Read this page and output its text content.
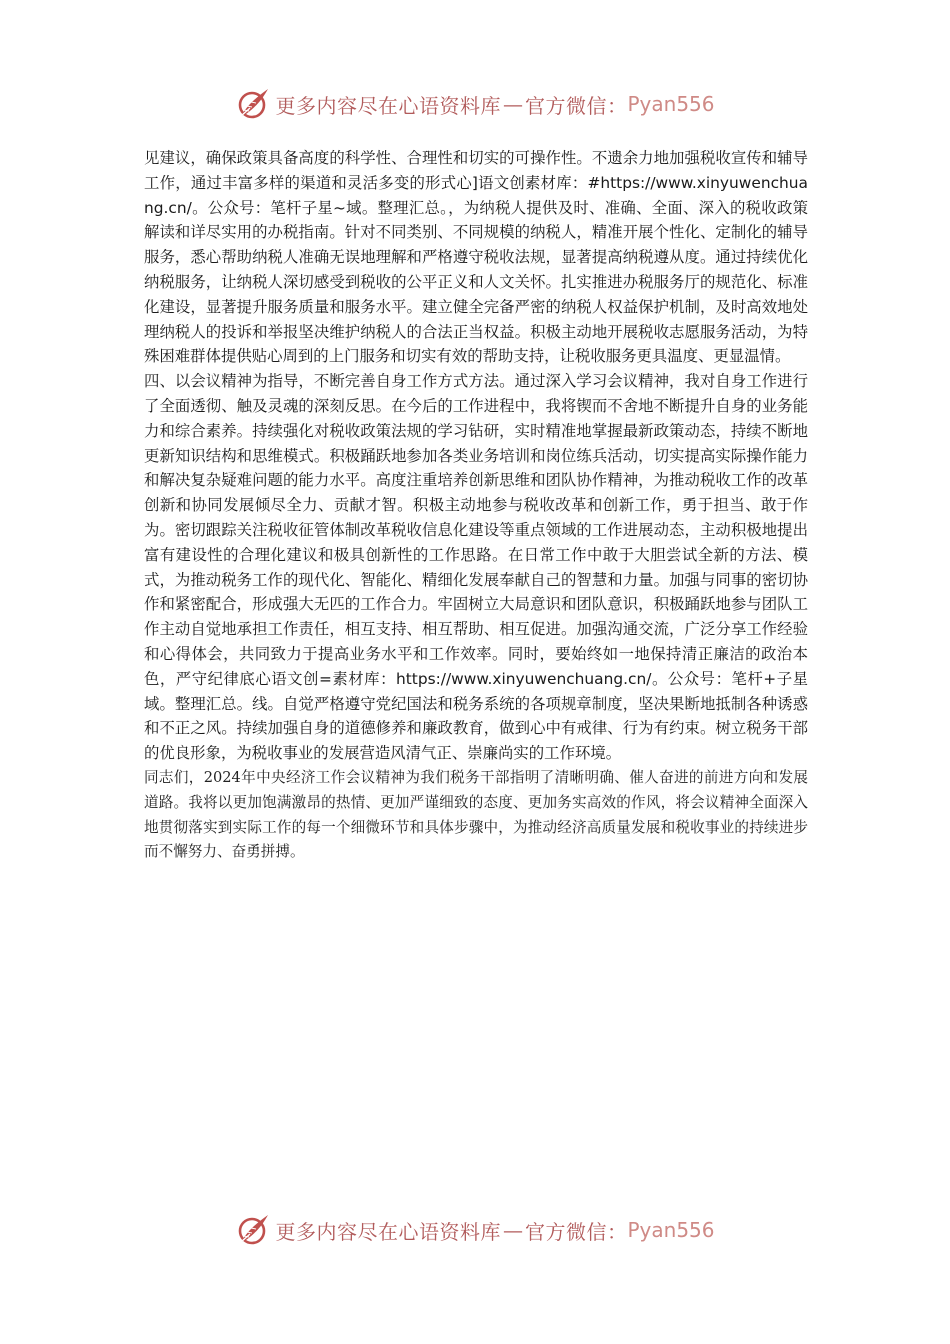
更多内容尽在心语资料库 — 官方微信： Pyan556

见建议，确保政策具备高度的科学性、合理性和切实的可操作性。不遗余力地加强税收宣传和辅导工作，通过丰富多样的渠道和灵活多变的形式心]语文创素材库：#https://www.xinyuwenchuang.cn/。公众号：笔杆子星~域。整理汇总。，为纳税人提供及时、准确、全面、深入的税收政策解读和详尽实用的办税指南。针对不同类别、不同规模的纳税人，精准开展个性化、定制化的辅导服务，悉心帮助纳税人准确无误地理解和严格遵守税收法规，显著提高纳税遵从度。通过持续优化纳税服务，让纳税人深切感受到税收的公平正义和人文关怀。扎实推进办税服务厅的规范化、标准化建设，显著提升服务质量和服务水平。建立健全完备严密的纳税人权益保护机制，及时高效地处理纳税人的投诉和举报坚决维护纳税人的合法正当权益。积极主动地开展税收志愿服务活动，为特殊困难群体提供贴心周到的上门服务和切实有效的帮助支持，让税收服务更具温度、更显温情。

四、以会议精神为指导，不断完善自身工作方式方法。通过深入学习会议精神，我对自身工作进行了全面透彻、触及灵魂的深刻反思。在今后的工作进程中，我将锲而不舍地不断提升自身的业务能力和综合素养。持续强化对税收政策法规的学习钻研，实时精准地掌握最新政策动态，持续不断地更新知识结构和思维模式。积极踊跃地参加各类业务培训和岗位练兵活动，切实提高实际操作能力和解决复杂疑难问题的能力水平。高度注重培养创新思维和团队协作精神，为推动税收工作的改革创新和协同发展倾尽全力、贡献才智。积极主动地参与税收改革和创新工作，勇于担当、敢于作为。密切跟踪关注税收征管体制改革税收信息化建设等重点领域的工作进展动态，主动积极地提出富有建设性的合理化建议和极具创新性的工作思路。在日常工作中敢于大胆尝试全新的方法、模式，为推动税务工作的现代化、智能化、精细化发展奉献自己的智慧和力量。加强与同事的密切协作和紧密配合，形成强大无匹的工作合力。牢固树立大局意识和团队意识，积极踊跃地参与团队工作主动自觉地承担工作责任，相互支持、相互帮助、相互促进。加强沟通交流，广泛分享工作经验和心得体会，共同致力于提高业务水平和工作效率。同时，要始终如一地保持清正廉洁的政治本色，严守纪律底心语文创=素材库：https://www.xinyuwenchuang.cn/。公众号：笔杆+子星域。整理汇总。线。自觉严格遵守党纪国法和税务系统的各项规章制度，坚决果断地抵制各种诱惑和不正之风。持续加强自身的道德修养和廉政教育，做到心中有戒律、行为有约束。树立税务干部的优良形象，为税收事业的发展营造风清气正、崇廉尚实的工作环境。

同志们，2024年中央经济工作会议精神为我们税务干部指明了清晰明确、催人奋进的前进方向和发展道路。我将以更加饱满激昂的热情、更加严谨细致的态度、更加务实高效的作风，将会议精神全面深入地贯彻落实到实际工作的每一个细微环节和具体步骤中，为推动经济高质量发展和税收事业的持续进步而不懈努力、奋勇拼搏。

更多内容尽在心语资料库 — 官方微信： Pyan556
